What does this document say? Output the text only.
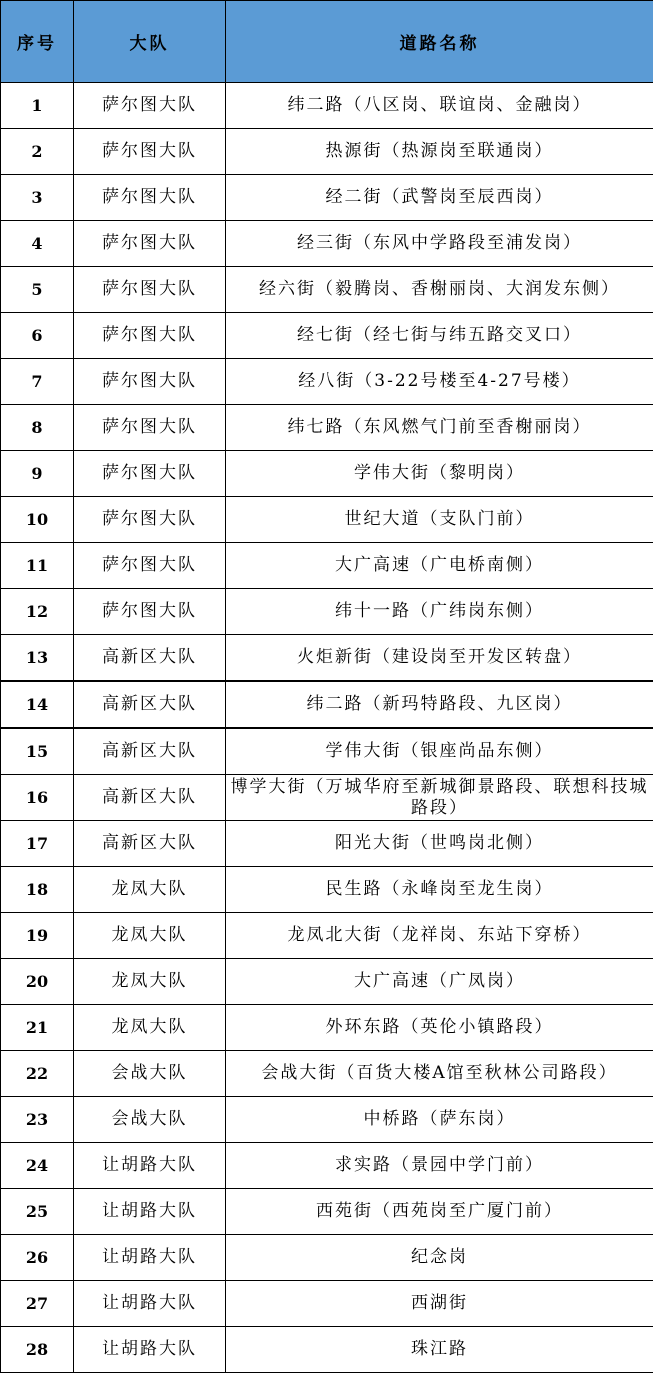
序号	大队	道路名称
1	萨尔图大队	纬二路（八区岗、联谊岗、金融岗）
2	萨尔图大队	热源街（热源岗至联通岗）
3	萨尔图大队	经二街（武警岗至辰西岗）
4	萨尔图大队	经三街（东风中学路段至浦发岗）
5	萨尔图大队	经六街（毅腾岗、香榭丽岗、大润发东侧）
6	萨尔图大队	经七街（经七街与纬五路交叉口）
7	萨尔图大队	经八街（3-22号楼至4-27号楼）
8	萨尔图大队	纬七路（东风燃气门前至香榭丽岗）
9	萨尔图大队	学伟大街（黎明岗）
10	萨尔图大队	世纪大道（支队门前）
11	萨尔图大队	大广高速（广电桥南侧）
12	萨尔图大队	纬十一路（广纬岗东侧）
13	高新区大队	火炬新街（建设岗至开发区转盘）
14	高新区大队	纬二路（新玛特路段、九区岗）
15	高新区大队	学伟大街（银座尚品东侧）
16	高新区大队	博学大街（万城华府至新城御景路段、联想科技城路段）
17	高新区大队	阳光大街（世鸣岗北侧）
18	龙凤大队	民生路（永峰岗至龙生岗）
19	龙凤大队	龙凤北大街（龙祥岗、东站下穿桥）
20	龙凤大队	大广高速（广凤岗）
21	龙凤大队	外环东路（英伦小镇路段）
22	会战大队	会战大街（百货大楼A馆至秋林公司路段）
23	会战大队	中桥路（萨东岗）
24	让胡路大队	求实路（景园中学门前）
25	让胡路大队	西苑街（西苑岗至广厦门前）
26	让胡路大队	纪念岗
27	让胡路大队	西湖街
28	让胡路大队	珠江路
